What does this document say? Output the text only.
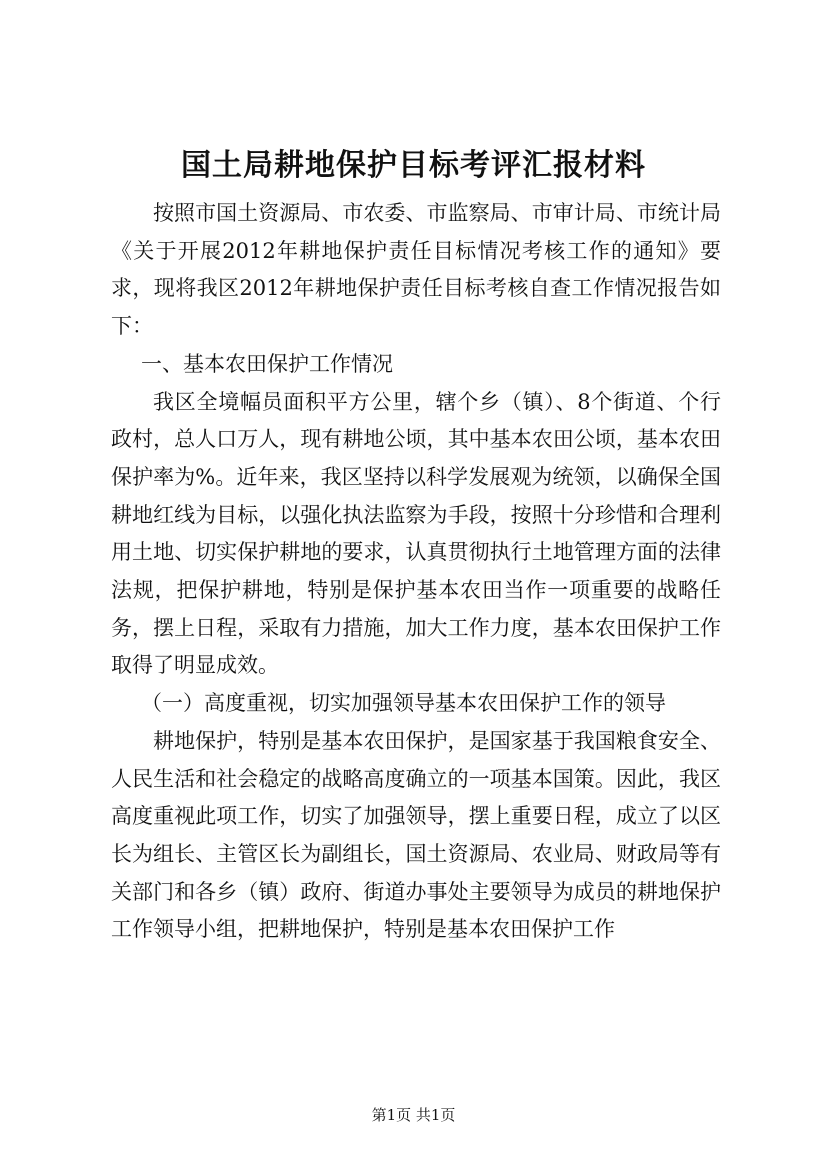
国土局耕地保护目标考评汇报材料

按照市国土资源局、市农委、市监察局、市审计局、市统计局《关于开展2012年耕地保护责任目标情况考核工作的通知》要求，现将我区2012年耕地保护责任目标考核自查工作情况报告如下：

一、基本农田保护工作情况

我区全境幅员面积平方公里，辖个乡（镇）、8个街道、个行政村，总人口万人，现有耕地公顷，其中基本农田公顷，基本农田保护率为%。近年来，我区坚持以科学发展观为统领，以确保全国耕地红线为目标，以强化执法监察为手段，按照十分珍惜和合理利用土地、切实保护耕地的要求，认真贯彻执行土地管理方面的法律法规，把保护耕地，特别是保护基本农田当作一项重要的战略任务，摆上日程，采取有力措施，加大工作力度，基本农田保护工作取得了明显成效。

（一）高度重视，切实加强领导基本农田保护工作的领导

耕地保护，特别是基本农田保护，是国家基于我国粮食安全、人民生活和社会稳定的战略高度确立的一项基本国策。因此，我区高度重视此项工作，切实了加强领导，摆上重要日程，成立了以区长为组长、主管区长为副组长，国土资源局、农业局、财政局等有关部门和各乡（镇）政府、街道办事处主要领导为成员的耕地保护工作领导小组，把耕地保护，特别是基本农田保护工作

第1页 共1页
